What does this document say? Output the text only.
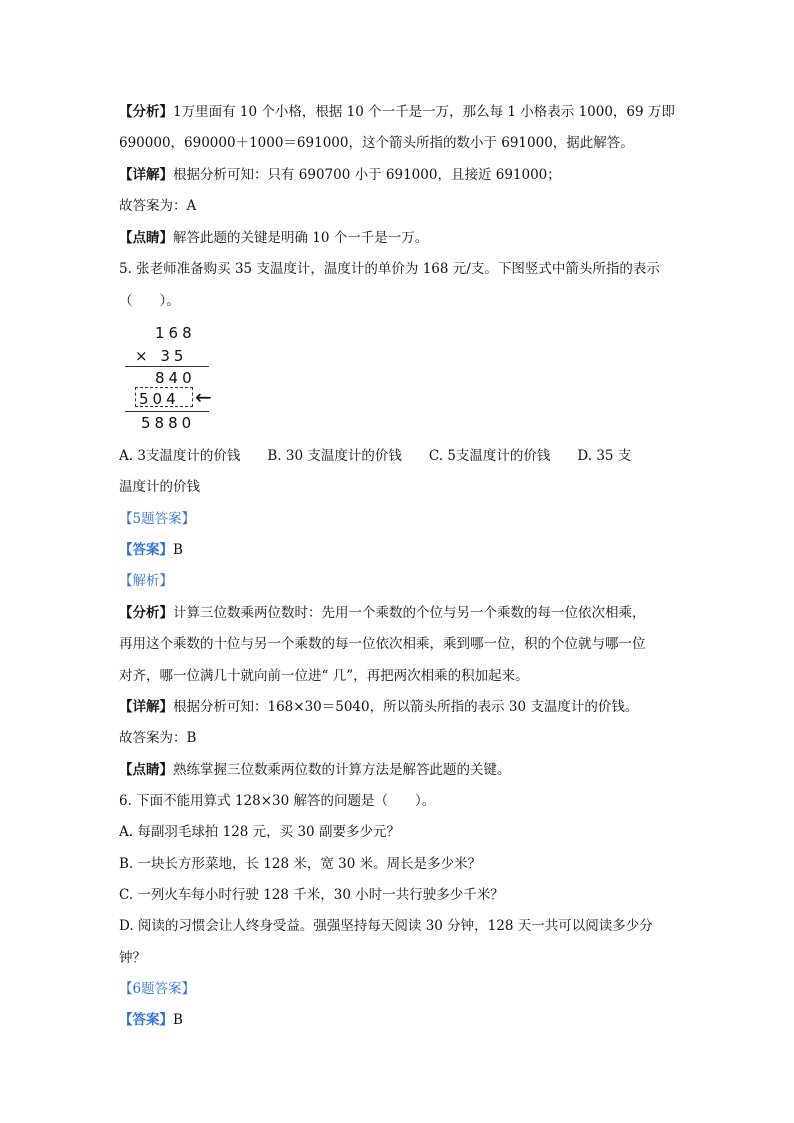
【分析】1万里面有 10 个小格，根据 10 个一千是一万，那么每 1 小格表示 1000，69 万即
690000，690000＋1000＝691000，这个箭头所指的数小于 691000，据此解答。
【详解】根据分析可知：只有 690700 小于 691000，且接近 691000；
故答案为：A
【点睛】解答此题的关键是明确 10 个一千是一万。
5. 张老师准备购买 35 支温度计，温度计的单价为 168 元/支。下图竖式中箭头所指的表示
（　　）。
168
× 35
840
504 ←
5880
A. 3支温度计的价钱　　B. 30 支温度计的价钱　　C. 5支温度计的价钱　　D. 35 支
温度计的价钱
【5题答案】
【答案】B
【解析】
【分析】计算三位数乘两位数时：先用一个乘数的个位与另一个乘数的每一位依次相乘，
再用这个乘数的十位与另一个乘数的每一位依次相乘，乘到哪一位，积的个位就与哪一位
对齐，哪一位满几十就向前一位进“ 几”，再把两次相乘的积加起来。
【详解】根据分析可知：168×30＝5040，所以箭头所指的表示 30 支温度计的价钱。
故答案为：B
【点睛】熟练掌握三位数乘两位数的计算方法是解答此题的关键。
6. 下面不能用算式 128×30 解答的问题是（　　）。
A. 每副羽毛球拍 128 元，买 30 副要多少元？
B. 一块长方形菜地，长 128 米，宽 30 米。周长是多少米？
C. 一列火车每小时行驶 128 千米，30 小时一共行驶多少千米？
D. 阅读的习惯会让人终身受益。强强坚持每天阅读 30 分钟，128 天一共可以阅读多少分
钟？
【6题答案】
【答案】B
